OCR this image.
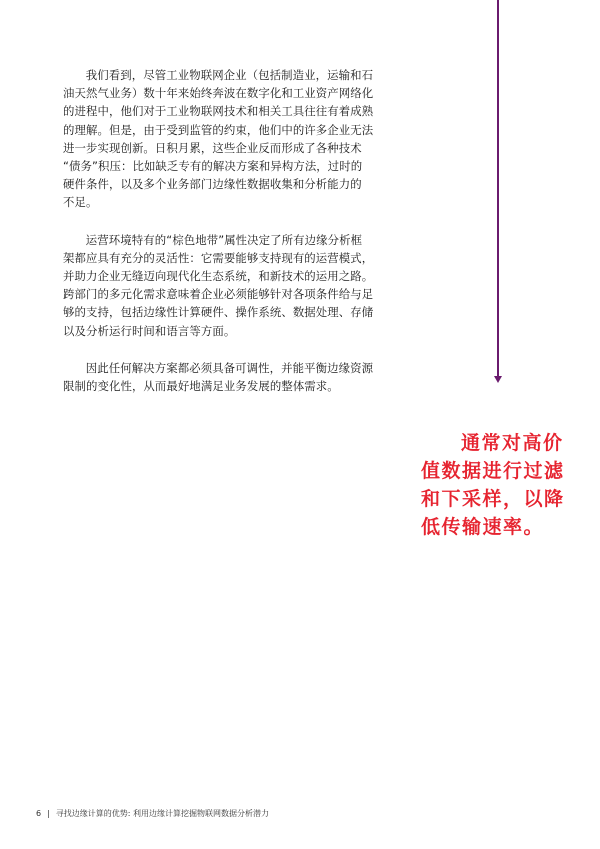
我们看到，尽管工业物联网企业（包括制造业，运输和石
油天然气业务）数十年来始终奔波在数字化和工业资产网络化
的进程中，他们对于工业物联网技术和相关工具往往有着成熟
的理解。但是，由于受到监管的约束，他们中的许多企业无法
进一步实现创新。日积月累，这些企业反而形成了各种技术
“债务”积压：比如缺乏专有的解决方案和异构方法，过时的
硬件条件，以及多个业务部门边缘性数据收集和分析能力的
不足。

运营环境特有的“棕色地带”属性决定了所有边缘分析框
架都应具有充分的灵活性：它需要能够支持现有的运营模式，
并助力企业无缝迈向现代化生态系统，和新技术的运用之路。
跨部门的多元化需求意味着企业必须能够针对各项条件给与足
够的支持，包括边缘性计算硬件、操作系统、数据处理、存储
以及分析运行时间和语言等方面。

因此任何解决方案都必须具备可调性，并能平衡边缘资源
限制的变化性，从而最好地满足业务发展的整体需求。

通常对高价
值数据进行过滤
和下采样，以降
低传输速率。
6 | 寻找边缘计算的优势: 利用边缘计算挖掘物联网数据分析潜力
